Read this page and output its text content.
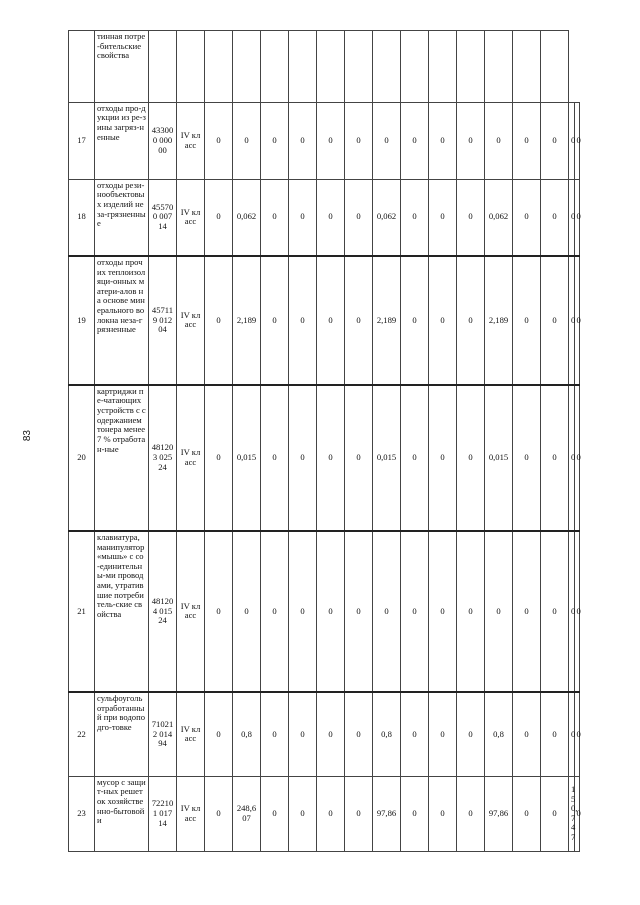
83
	тинная потре-бительские свойства																	
17	отходы про-дукции из ре-зины загряз-ненные	433000 00000	IV класс	0	0	0	0	0	0	0	0	0	0	0	0	0	0	0
18	отходы рези-нообъектовых изделий неза-грязненные	455700 00714	IV класс	0	0,062	0	0	0	0	0,062	0	0	0	0,062	0	0	0	0
19	отходы прочих теплоизоляци-онных матери-алов на основе минерального волокна неза-грязненные	457119 01204	IV класс	0	2,189	0	0	0	0	2,189	0	0	0	2,189	0	0	0	0
20	картриджи пе-чатающих устройств с содержанием тонера менее 7 % отработан-ные	481203 02524	IV класс	0	0,015	0	0	0	0	0,015	0	0	0	0,015	0	0	0	0
21	клавиатура, манипулятор «мышь» с со-единительны-ми проводами, утратившие потребитель-ские свойства	481204 01524	IV класс	0	0	0	0	0	0	0	0	0	0	0	0	0	0	0
22	сульфоуголь отработанный при водоподго-товке	710212 01494	IV класс	0	0,8	0	0	0	0	0,8	0	0	0	0,8	0	0	0	0
23	мусор с защит-ных решеток хозяйственно-бытовой и	722101 01714	IV класс	0	248,607	0	0	0	0	97,86	0	0	0	97,86	0	0	150,747	0
